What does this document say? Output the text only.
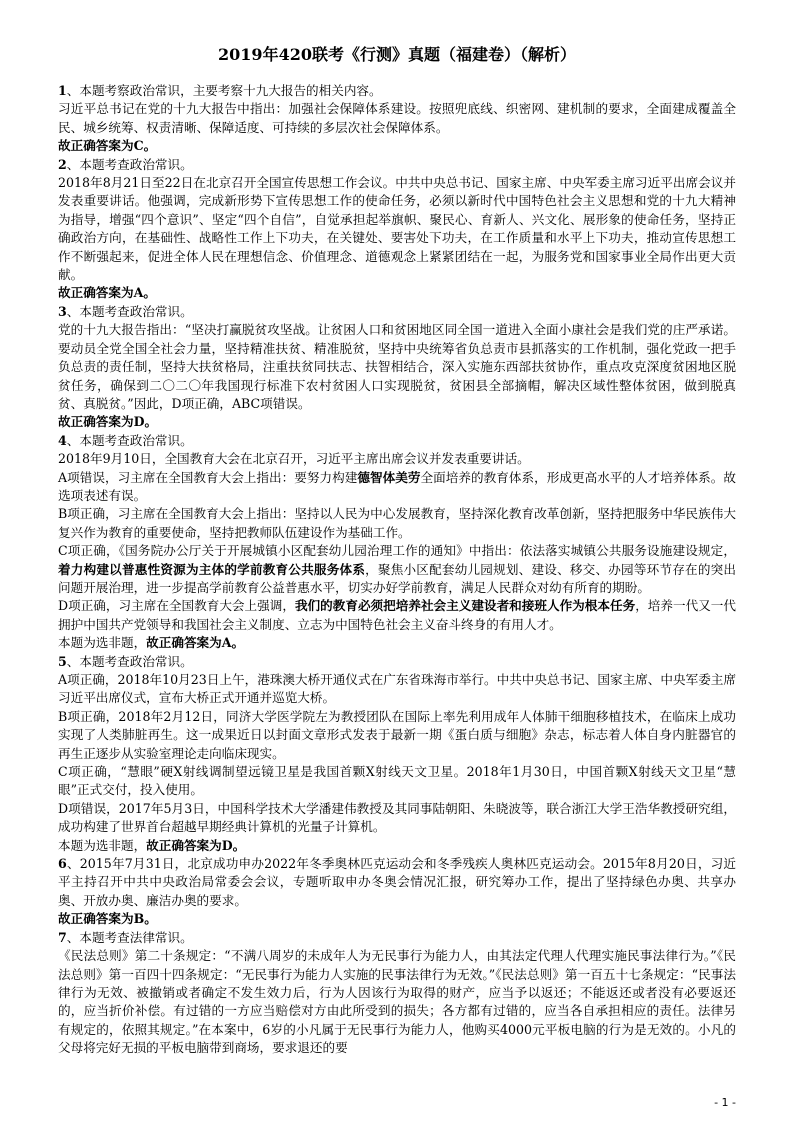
2019年420联考《行测》真题（福建卷）（解析）

1、本题考察政治常识，主要考察十九大报告的相关内容。

习近平总书记在党的十九大报告中指出：加强社会保障体系建设。按照兜底线、织密网、建机制的要求，全面建成覆盖全民、城乡统筹、权责清晰、保障适度、可持续的多层次社会保障体系。

故正确答案为C。

2、本题考查政治常识。

2018年8月21日至22日在北京召开全国宣传思想工作会议。中共中央总书记、国家主席、中央军委主席习近平出席会议并发表重要讲话。他强调，完成新形势下宣传思想工作的使命任务，必须以新时代中国特色社会主义思想和党的十九大精神为指导，增强“四个意识”、坚定“四个自信”，自觉承担起举旗帜、聚民心、育新人、兴文化、展形象的使命任务，坚持正确政治方向，在基础性、战略性工作上下功夫，在关键处、要害处下功夫，在工作质量和水平上下功夫，推动宣传思想工作不断强起来，促进全体人民在理想信念、价值理念、道德观念上紧紧团结在一起，为服务党和国家事业全局作出更大贡献。

故正确答案为A。

3、本题考查政治常识。

党的十九大报告指出：“坚决打赢脱贫攻坚战。让贫困人口和贫困地区同全国一道进入全面小康社会是我们党的庄严承诺。要动员全党全国全社会力量，坚持精准扶贫、精准脱贫，坚持中央统筹省负总责市县抓落实的工作机制，强化党政一把手负总责的责任制，坚持大扶贫格局，注重扶贫同扶志、扶智相结合，深入实施东西部扶贫协作，重点攻克深度贫困地区脱贫任务，确保到二〇二〇年我国现行标准下农村贫困人口实现脱贫，贫困县全部摘帽，解决区域性整体贫困，做到脱真贫、真脱贫。”因此，D项正确，ABC项错误。

故正确答案为D。

4、本题考查政治常识。

2018年9月10日，全国教育大会在北京召开，习近平主席出席会议并发表重要讲话。

A项错误，习主席在全国教育大会上指出：要努力构建德智体美劳全面培养的教育体系，形成更高水平的人才培养体系。故选项表述有误。

B项正确，习主席在全国教育大会上指出：坚持以人民为中心发展教育，坚持深化教育改革创新，坚持把服务中华民族伟大复兴作为教育的重要使命，坚持把教师队伍建设作为基础工作。

C项正确，《国务院办公厅关于开展城镇小区配套幼儿园治理工作的通知》中指出：依法落实城镇公共服务设施建设规定，着力构建以普惠性资源为主体的学前教育公共服务体系，聚焦小区配套幼儿园规划、建设、移交、办园等环节存在的突出问题开展治理，进一步提高学前教育公益普惠水平，切实办好学前教育，满足人民群众对幼有所育的期盼。

D项正确，习主席在全国教育大会上强调，我们的教育必须把培养社会主义建设者和接班人作为根本任务，培养一代又一代拥护中国共产党领导和我国社会主义制度、立志为中国特色社会主义奋斗终身的有用人才。

本题为选非题，故正确答案为A。

5、本题考查政治常识。

A项正确，2018年10月23日上午，港珠澳大桥开通仪式在广东省珠海市举行。中共中央总书记、国家主席、中央军委主席习近平出席仪式，宣布大桥正式开通并巡览大桥。

B项正确，2018年2月12日，同济大学医学院左为教授团队在国际上率先利用成年人体肺干细胞移植技术，在临床上成功实现了人类肺脏再生。这一成果近日以封面文章形式发表于最新一期《蛋白质与细胞》杂志，标志着人体自身内脏器官的再生正逐步从实验室理论走向临床现实。

C项正确，“慧眼”硬X射线调制望远镜卫星是我国首颗X射线天文卫星。2018年1月30日，中国首颗X射线天文卫星“慧眼”正式交付，投入使用。

D项错误，2017年5月3日，中国科学技术大学潘建伟教授及其同事陆朝阳、朱晓波等，联合浙江大学王浩华教授研究组，成功构建了世界首台超越早期经典计算机的光量子计算机。

本题为选非题，故正确答案为D。

6、2015年7月31日，北京成功申办2022年冬季奥林匹克运动会和冬季残疾人奥林匹克运动会。2015年8月20日，习近平主持召开中共中央政治局常委会会议，专题听取申办冬奥会情况汇报，研究筹办工作，提出了坚持绿色办奥、共享办奥、开放办奥、廉洁办奥的要求。

故正确答案为B。

7、本题考查法律常识。

《民法总则》第二十条规定：“不满八周岁的未成年人为无民事行为能力人，由其法定代理人代理实施民事法律行为。”《民法总则》第一百四十四条规定：“无民事行为能力人实施的民事法律行为无效。”《民法总则》第一百五十七条规定：“民事法律行为无效、被撤销或者确定不发生效力后，行为人因该行为取得的财产，应当予以返还；不能返还或者没有必要返还的，应当折价补偿。有过错的一方应当赔偿对方由此所受到的损失；各方都有过错的，应当各自承担相应的责任。法律另有规定的，依照其规定。”在本案中，6岁的小凡属于无民事行为能力人，他购买4000元平板电脑的行为是无效的。小凡的父母将完好无损的平板电脑带到商场，要求退还的要

- 1 -
